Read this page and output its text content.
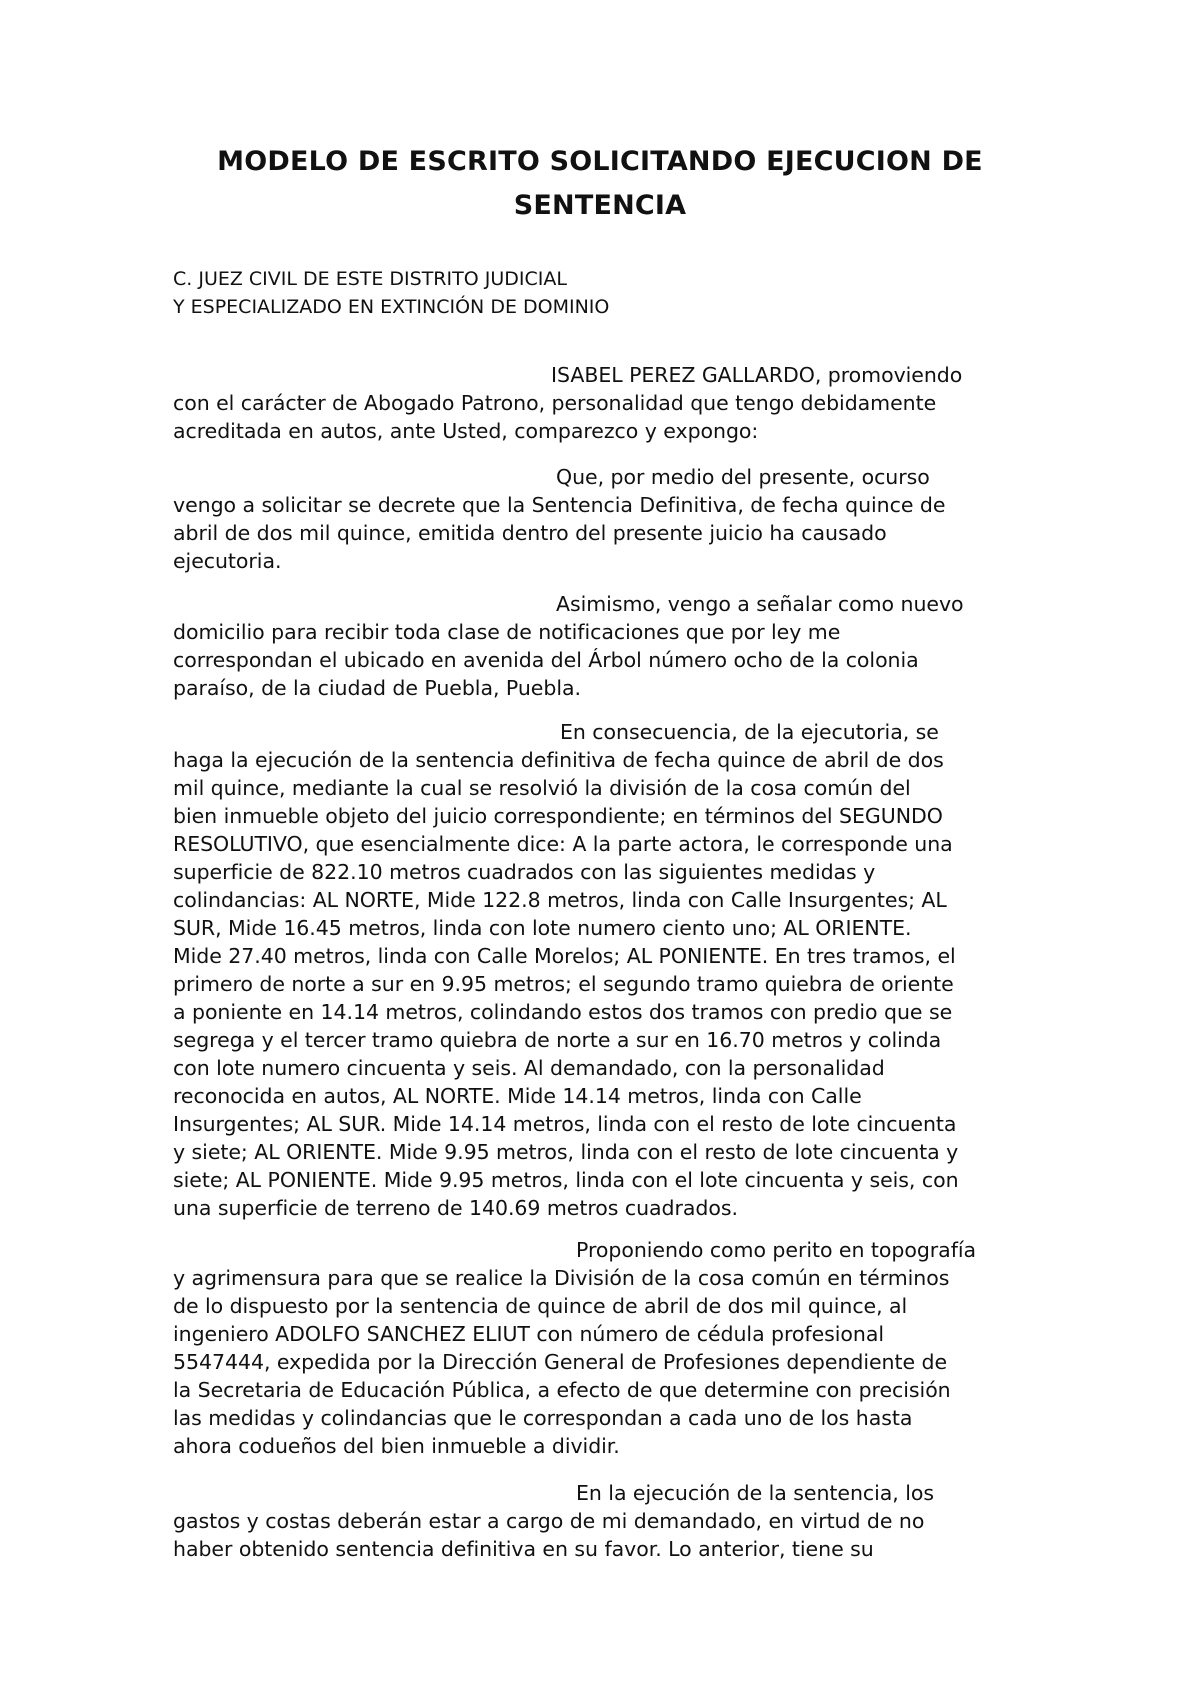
MODELO DE ESCRITO SOLICITANDO EJECUCION DE
SENTENCIA
C. JUEZ CIVIL DE ESTE DISTRITO JUDICIAL
Y ESPECIALIZADO EN EXTINCIÓN DE DOMINIO

ISABEL PEREZ GALLARDO, promoviendo
con el carácter de Abogado Patrono, personalidad que tengo debidamente
acreditada en autos, ante Usted, comparezco y expongo:

Que, por medio del presente, ocurso
vengo a solicitar se decrete que la Sentencia Definitiva, de fecha quince de
abril de dos mil quince, emitida dentro del presente juicio ha causado
ejecutoria.

Asimismo, vengo a señalar como nuevo
domicilio para recibir toda clase de notificaciones que por ley me
correspondan el ubicado en avenida del Árbol número ocho de la colonia
paraíso, de la ciudad de Puebla, Puebla.

En consecuencia, de la ejecutoria, se
haga la ejecución de la sentencia definitiva de fecha quince de abril de dos
mil quince, mediante la cual se resolvió la división de la cosa común del
bien inmueble objeto del juicio correspondiente; en términos del SEGUNDO
RESOLUTIVO, que esencialmente dice: A la parte actora, le corresponde una
superficie de 822.10 metros cuadrados con las siguientes medidas y
colindancias: AL NORTE, Mide 122.8 metros, linda con Calle Insurgentes; AL
SUR, Mide 16.45 metros, linda con lote numero ciento uno; AL ORIENTE.
Mide 27.40 metros, linda con Calle Morelos; AL PONIENTE. En tres tramos, el
primero de norte a sur en 9.95 metros; el segundo tramo quiebra de oriente
a poniente en 14.14 metros, colindando estos dos tramos con predio que se
segrega y el tercer tramo quiebra de norte a sur en 16.70 metros y colinda
con lote numero cincuenta y seis. Al demandado, con la personalidad
reconocida en autos, AL NORTE. Mide 14.14 metros, linda con Calle
Insurgentes; AL SUR. Mide 14.14 metros, linda con el resto de lote cincuenta
y siete; AL ORIENTE. Mide 9.95 metros, linda con el resto de lote cincuenta y
siete; AL PONIENTE. Mide 9.95 metros, linda con el lote cincuenta y seis, con
una superficie de terreno de 140.69 metros cuadrados.

Proponiendo como perito en topografía
y agrimensura para que se realice la División de la cosa común en términos
de lo dispuesto por la sentencia de quince de abril de dos mil quince, al
ingeniero ADOLFO SANCHEZ ELIUT con número de cédula profesional
5547444, expedida por la Dirección General de Profesiones dependiente de
la Secretaria de Educación Pública, a efecto de que determine con precisión
las medidas y colindancias que le correspondan a cada uno de los hasta
ahora codueños del bien inmueble a dividir.

En la ejecución de la sentencia, los
gastos y costas deberán estar a cargo de mi demandado, en virtud de no
haber obtenido sentencia definitiva en su favor. Lo anterior, tiene su
